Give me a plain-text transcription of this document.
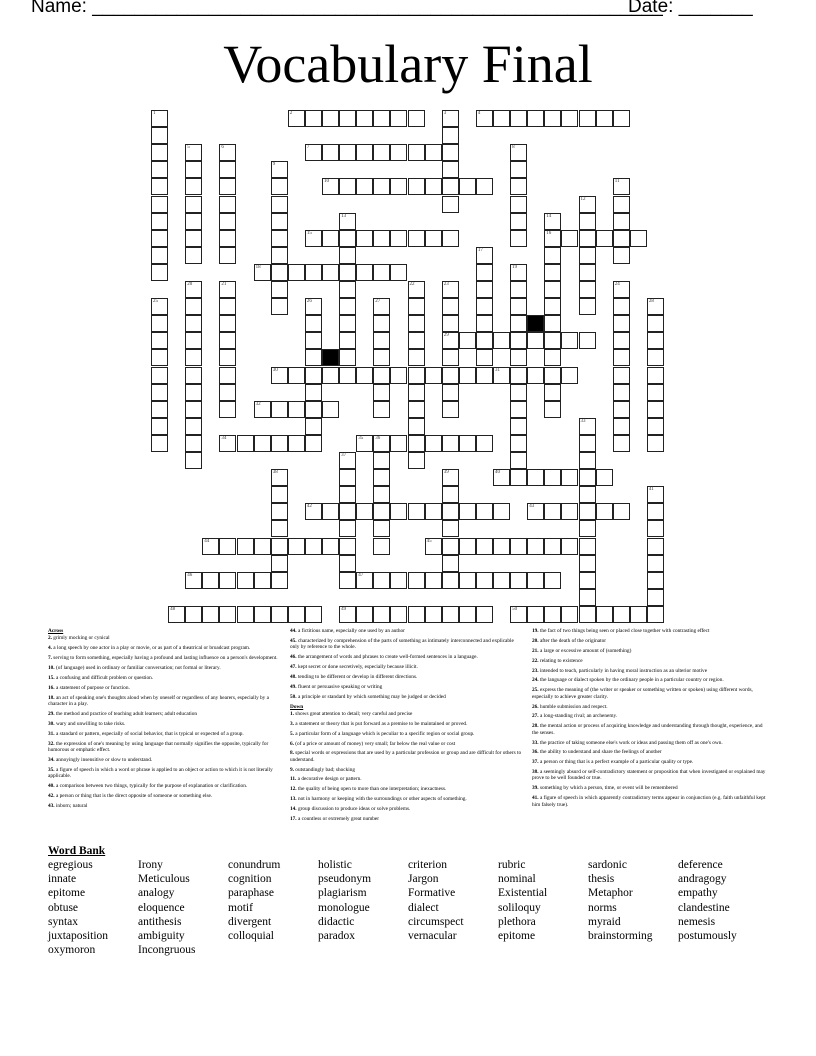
Name: ______________________________________________________
Date: _______
Vocabulary Final
1	2	3	4
5	6	7	8
9
10	11
12
13	14
16
15
17
18	19
20	21	22	23
29
24
25	26	27	28
30	31
32
33
34	35 36
37
38	39	40
41
42	43
44	45
46	47
48	49	50

Across

2. grimly mocking or cynical

4. a long speech by one actor in a play or movie, or as part of a theatrical or broadcast program.

7. serving to form something, especially having a profound and lasting influence on a person's development.

10. (of language) used in ordinary or familiar conversation; not formal or literary.

15. a confusing and difficult problem or question.

16. a statement of purpose or function.

18. an act of speaking one's thoughts aloud when by oneself or regardless of any hearers, especially by a character in a play.

29. the method and practice of teaching adult learners; adult education

30. wary and unwilling to take risks.

31. a standard or pattern, especially of social behavior, that is typical or expected of a group.

32. the expression of one's meaning by using language that normally signifies the opposite, typically for humorous or emphatic effect.

34. annoyingly insensitive or slow to understand.

35. a figure of speech in which a word or phrase is applied to an object or action to which it is not literally applicable.

40. a comparison between two things, typically for the purpose of explanation or clarification.

42. a person or thing that is the direct opposite of someone or something else.

43. inborn; natural

44. a fictitious name, especially one used by an author

45. characterized by comprehension of the parts of something as intimately interconnected and explicable only by reference to the whole.

46. the arrangement of words and phrases to create well-formed sentences in a language.

47. kept secret or done secretively, especially because illicit.

48. tending to be different or develop in different directions.

49. fluent or persuasive speaking or writing

50. a principle or standard by which something may be judged or decided

Down

1. shows great attention to detail; very careful and precise

3. a statement or theory that is put forward as a premise to be maintained or proved.

5. a particular form of a language which is peculiar to a specific region or social group.

6. (of a price or amount of money) very small; far below the real value or cost

8. special words or expressions that are used by a particular profession or group and are difficult for others to understand.

9. outstandingly bad; shocking

11. a decorative design or pattern.

12. the quality of being open to more than one interpretation; inexactness.

13. not in harmony or keeping with the surroundings or other aspects of something.

14. group discussion to produce ideas or solve problems.

17. a countless or extremely great number

19. the fact of two things being seen or placed close together with contrasting effect

20. after the death of the originator

21. a large or excessive amount of (something)

22. relating to existence

23. intended to teach, particularly in having moral instruction as an ulterior motive

24. the language or dialect spoken by the ordinary people in a particular country or region.

25. express the meaning of (the writer or speaker or something written or spoken) using different words, especially to achieve greater clarity.

26. humble submission and respect.

27. a long-standing rival; an archenemy.

28. the mental action or process of acquiring knowledge and understanding through thought, experience, and the senses.

33. the practice of taking someone else's work or ideas and passing them off as one's own.

36. the ability to understand and share the feelings of another

37. a person or thing that is a perfect example of a particular quality or type.

38. a seemingly absurd or self-contradictory statement or proposition that when investigated or explained may prove to be well founded or true.

39. something by which a person, time, or event will be remembered

41. a figure of speech in which apparently contradictory terms appear in conjunction (e.g. faith unfaithful kept him falsely true).

Word Bank
egregious
innate
epitome
obtuse
syntax
juxtaposition
oxymoron
Irony
Meticulous
analogy
eloquence
antithesis
ambiguity
Incongruous
conundrum
cognition
paraphase
motif
divergent
colloquial
holistic
pseudonym
plagiarism
monologue
didactic
paradox
criterion
Jargon
Formative
dialect
circumspect
vernacular
rubric
nominal
Existential
soliloquy
plethora
epitome
sardonic
thesis
Metaphor
norms
myraid
brainstorming
deference
andragogy
empathy
clandestine
nemesis
postumously
